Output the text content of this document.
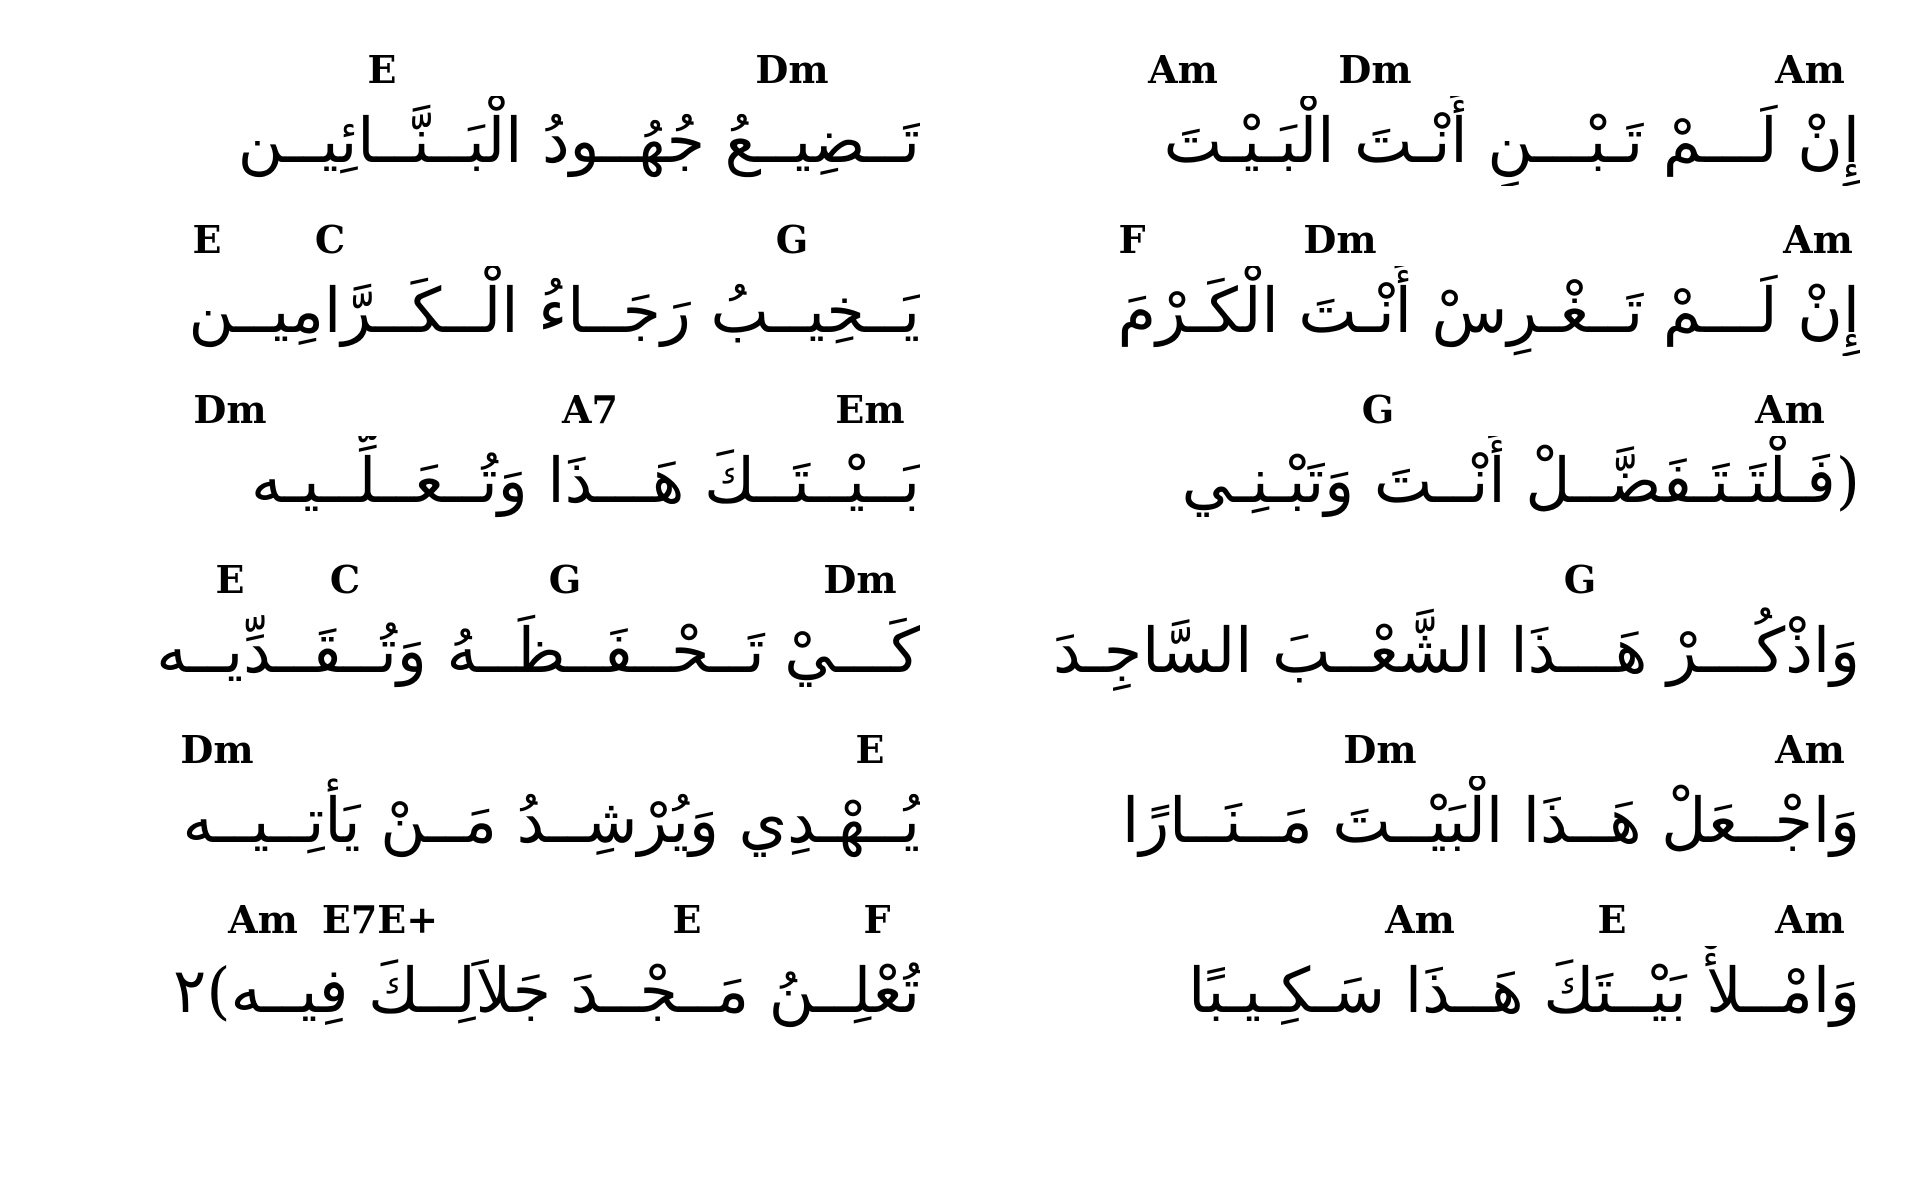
Am	Dm	Am
إِنْ لَـــمْ تَـبْـــنِ أَنْـتَ الْبَـيْـتَ
F	Dm	Am
إِنْ لَـــمْ تَــغْـرِسْ أَنْـتَ الْكَـرْمَ
G	Am
(فَـلْتَـتَـفَضَّــلْ أَنْــتَ وَتَبْـنِـي
G
وَاذْكُـــرْ هَـــذَا الشَّعْــبَ السَّاجِـدَ
Dm	Am
وَاجْــعَلْ هَــذَا الْبَيْــتَ مَــنَــارًا
Am	E	Am
وَامْــلأْ بَيْــتَكَ هَــذَا سَـكِـيـبًا
E	Dm
تَــضِيــعُ جُهُــودُ الْبَــنَّــائِيــن
E C	G
يَــخِيــبُ رَجَــاءُ الْــكَــرَّامِيــن
Dm	A7	Em
بَــيْــتَــكَ هَـــذَا وَتُــعَــلِّــيـه
E C	G	Dm
كَـــيْ تَــحْــفَــظَــهُ وَتُــقَــدِّيــه
Dm	E
يُــهْـدِي وَيُرْشِــدُ مَــنْ يَأْتِــيــه
Am E7E+	E	F
تُعْلِــنُ مَــجْــدَ جَلاَلِــكَ فِيــه)٢
